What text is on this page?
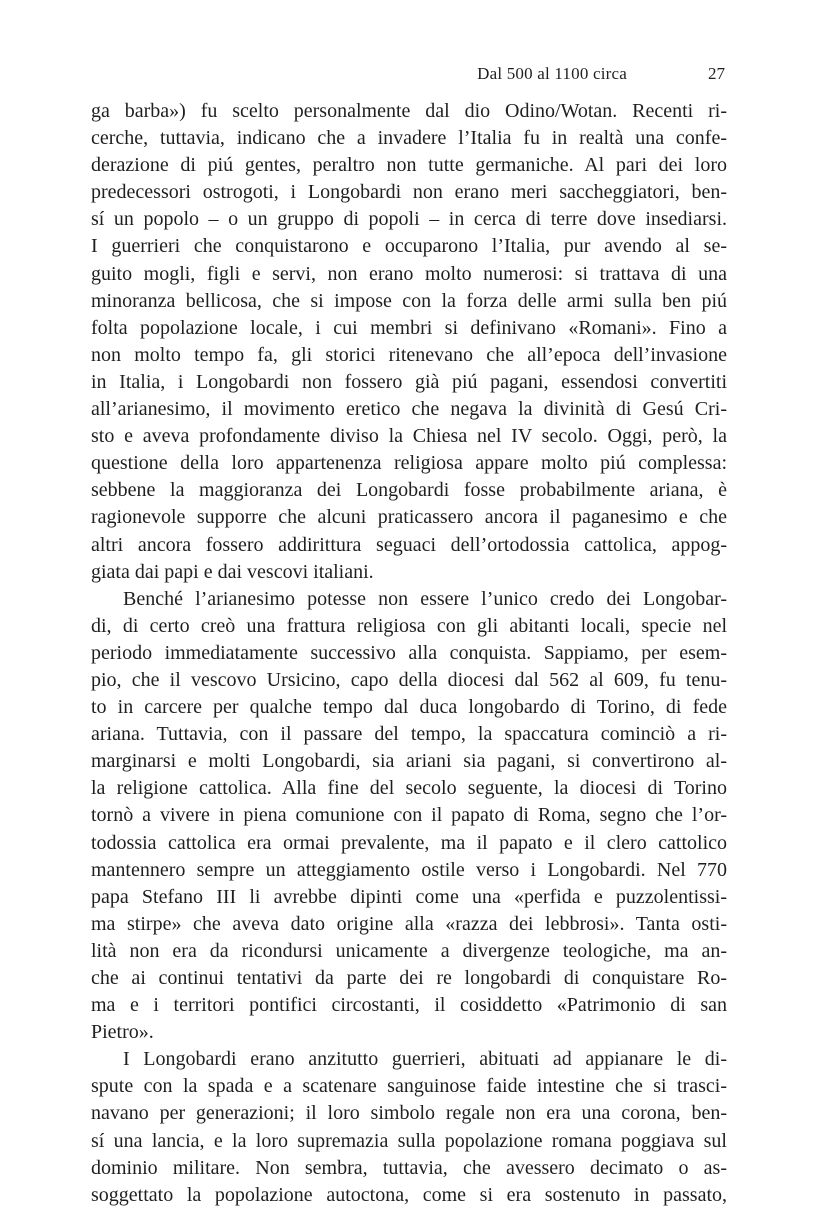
Dal 500 al 1100 circa	27
ga barba») fu scelto personalmente dal dio Odino/Wotan. Recenti ri-
cerche, tuttavia, indicano che a invadere l’Italia fu in realtà una confe-
derazione di piú gentes, peraltro non tutte germaniche. Al pari dei loro
predecessori ostrogoti, i Longobardi non erano meri saccheggiatori, ben-
sí un popolo – o un gruppo di popoli – in cerca di terre dove insediarsi.
I guerrieri che conquistarono e occuparono l’Italia, pur avendo al se-
guito mogli, figli e servi, non erano molto numerosi: si trattava di una
minoranza bellicosa, che si impose con la forza delle armi sulla ben piú
folta popolazione locale, i cui membri si definivano «Romani». Fino a
non molto tempo fa, gli storici ritenevano che all’epoca dell’invasione
in Italia, i Longobardi non fossero già piú pagani, essendosi convertiti
all’arianesimo, il movimento eretico che negava la divinità di Gesú Cri-
sto e aveva profondamente diviso la Chiesa nel IV secolo. Oggi, però, la
questione della loro appartenenza religiosa appare molto piú complessa:
sebbene la maggioranza dei Longobardi fosse probabilmente ariana, è
ragionevole supporre che alcuni praticassero ancora il paganesimo e che
altri ancora fossero addirittura seguaci dell’ortodossia cattolica, appog-
giata dai papi e dai vescovi italiani.
Benché l’arianesimo potesse non essere l’unico credo dei Longobar-
di, di certo creò una frattura religiosa con gli abitanti locali, specie nel
periodo immediatamente successivo alla conquista. Sappiamo, per esem-
pio, che il vescovo Ursicino, capo della diocesi dal 562 al 609, fu tenu-
to in carcere per qualche tempo dal duca longobardo di Torino, di fede
ariana. Tuttavia, con il passare del tempo, la spaccatura cominciò a ri-
marginarsi e molti Longobardi, sia ariani sia pagani, si convertirono al-
la religione cattolica. Alla fine del secolo seguente, la diocesi di Torino
tornò a vivere in piena comunione con il papato di Roma, segno che l’or-
todossia cattolica era ormai prevalente, ma il papato e il clero cattolico
mantennero sempre un atteggiamento ostile verso i Longobardi. Nel 770
papa Stefano III li avrebbe dipinti come una «perfida e puzzolentissi-
ma stirpe» che aveva dato origine alla «razza dei lebbrosi». Tanta osti-
lità non era da ricondursi unicamente a divergenze teologiche, ma an-
che ai continui tentativi da parte dei re longobardi di conquistare Ro-
ma e i territori pontifici circostanti, il cosiddetto «Patrimonio di san
Pietro».
I Longobardi erano anzitutto guerrieri, abituati ad appianare le di-
spute con la spada e a scatenare sanguinose faide intestine che si trasci-
navano per generazioni; il loro simbolo regale non era una corona, ben-
sí una lancia, e la loro supremazia sulla popolazione romana poggiava sul
dominio militare. Non sembra, tuttavia, che avessero decimato o as-
soggettato la popolazione autoctona, come si era sostenuto in passato,
